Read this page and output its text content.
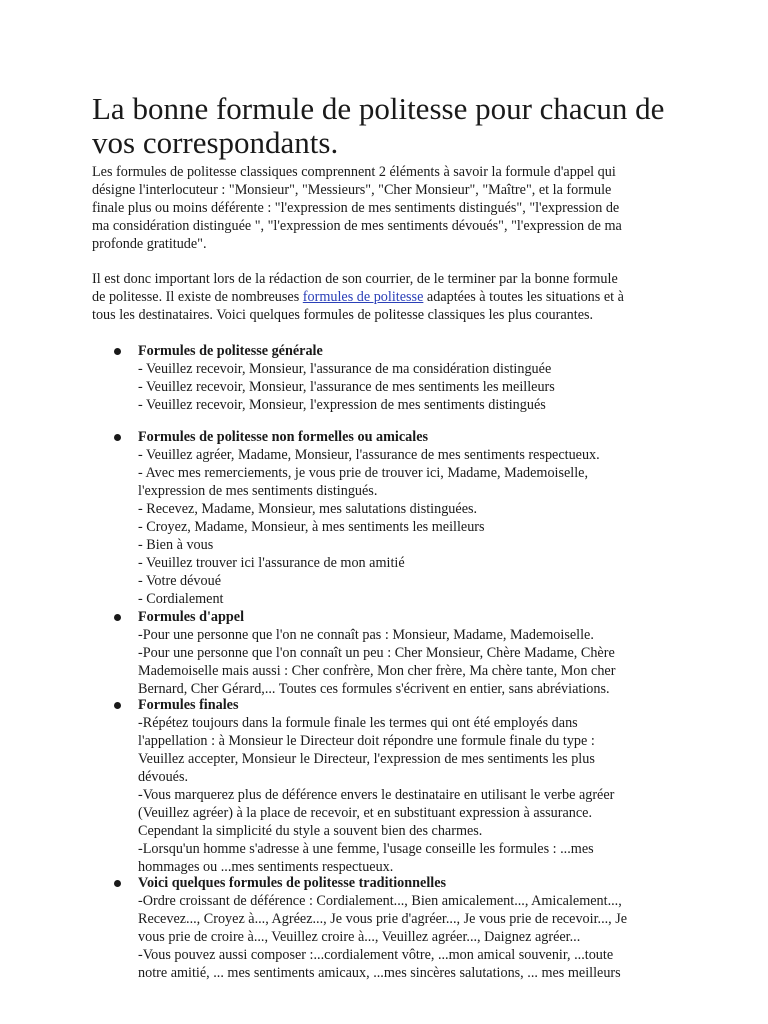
La bonne formule de politesse pour chacun de
vos correspondants.
Les formules de politesse classiques comprennent 2 éléments à savoir la formule d'appel qui
désigne l'interlocuteur : "Monsieur", "Messieurs", "Cher Monsieur", "Maître", et la formule
finale plus ou moins déférente : "l'expression de mes sentiments distingués", "l'expression de
ma considération distinguée ", "l'expression de mes sentiments dévoués", "l'expression de ma
profonde gratitude".
Il est donc important lors de la rédaction de son courrier, de le terminer par la bonne formule
de politesse. Il existe de nombreuses formules de politesse adaptées à toutes les situations et à
tous les destinataires. Voici quelques formules de politesse classiques les plus courantes.
Formules de politesse générale
- Veuillez recevoir, Monsieur, l'assurance de ma considération distinguée
- Veuillez recevoir, Monsieur, l'assurance de mes sentiments les meilleurs
- Veuillez recevoir, Monsieur, l'expression de mes sentiments distingués
Formules de politesse non formelles ou amicales
- Veuillez agréer, Madame, Monsieur, l'assurance de mes sentiments respectueux.
- Avec mes remerciements, je vous prie de trouver ici, Madame, Mademoiselle,
l'expression de mes sentiments distingués.
- Recevez, Madame, Monsieur, mes salutations distinguées.
- Croyez, Madame, Monsieur, à mes sentiments les meilleurs
- Bien à vous
- Veuillez trouver ici l'assurance de mon amitié
- Votre dévoué
- Cordialement
Formules d'appel
-Pour une personne que l'on ne connaît pas : Monsieur, Madame, Mademoiselle.
-Pour une personne que l'on connaît un peu : Cher Monsieur, Chère Madame, Chère
Mademoiselle mais aussi : Cher confrère, Mon cher frère, Ma chère tante, Mon cher
Bernard, Cher Gérard,... Toutes ces formules s'écrivent en entier, sans abréviations.
Formules finales
-Répétez toujours dans la formule finale les termes qui ont été employés dans
l'appellation : à Monsieur le Directeur doit répondre une formule finale du type :
Veuillez accepter, Monsieur le Directeur, l'expression de mes sentiments les plus
dévoués.
-Vous marquerez plus de déférence envers le destinataire en utilisant le verbe agréer
(Veuillez agréer) à la place de recevoir, et en substituant expression à assurance.
Cependant la simplicité du style a souvent bien des charmes.
-Lorsqu'un homme s'adresse à une femme, l'usage conseille les formules : ...mes
hommages ou ...mes sentiments respectueux.
Voici quelques formules de politesse traditionnelles
-Ordre croissant de déférence : Cordialement..., Bien amicalement..., Amicalement...,
Recevez..., Croyez à..., Agréez..., Je vous prie d'agréer..., Je vous prie de recevoir..., Je
vous prie de croire à..., Veuillez croire à..., Veuillez agréer..., Daignez agréer...
-Vous pouvez aussi composer :...cordialement vôtre, ...mon amical souvenir, ...toute
notre amitié, ... mes sentiments amicaux, ...mes sincères salutations, ... mes meilleurs
